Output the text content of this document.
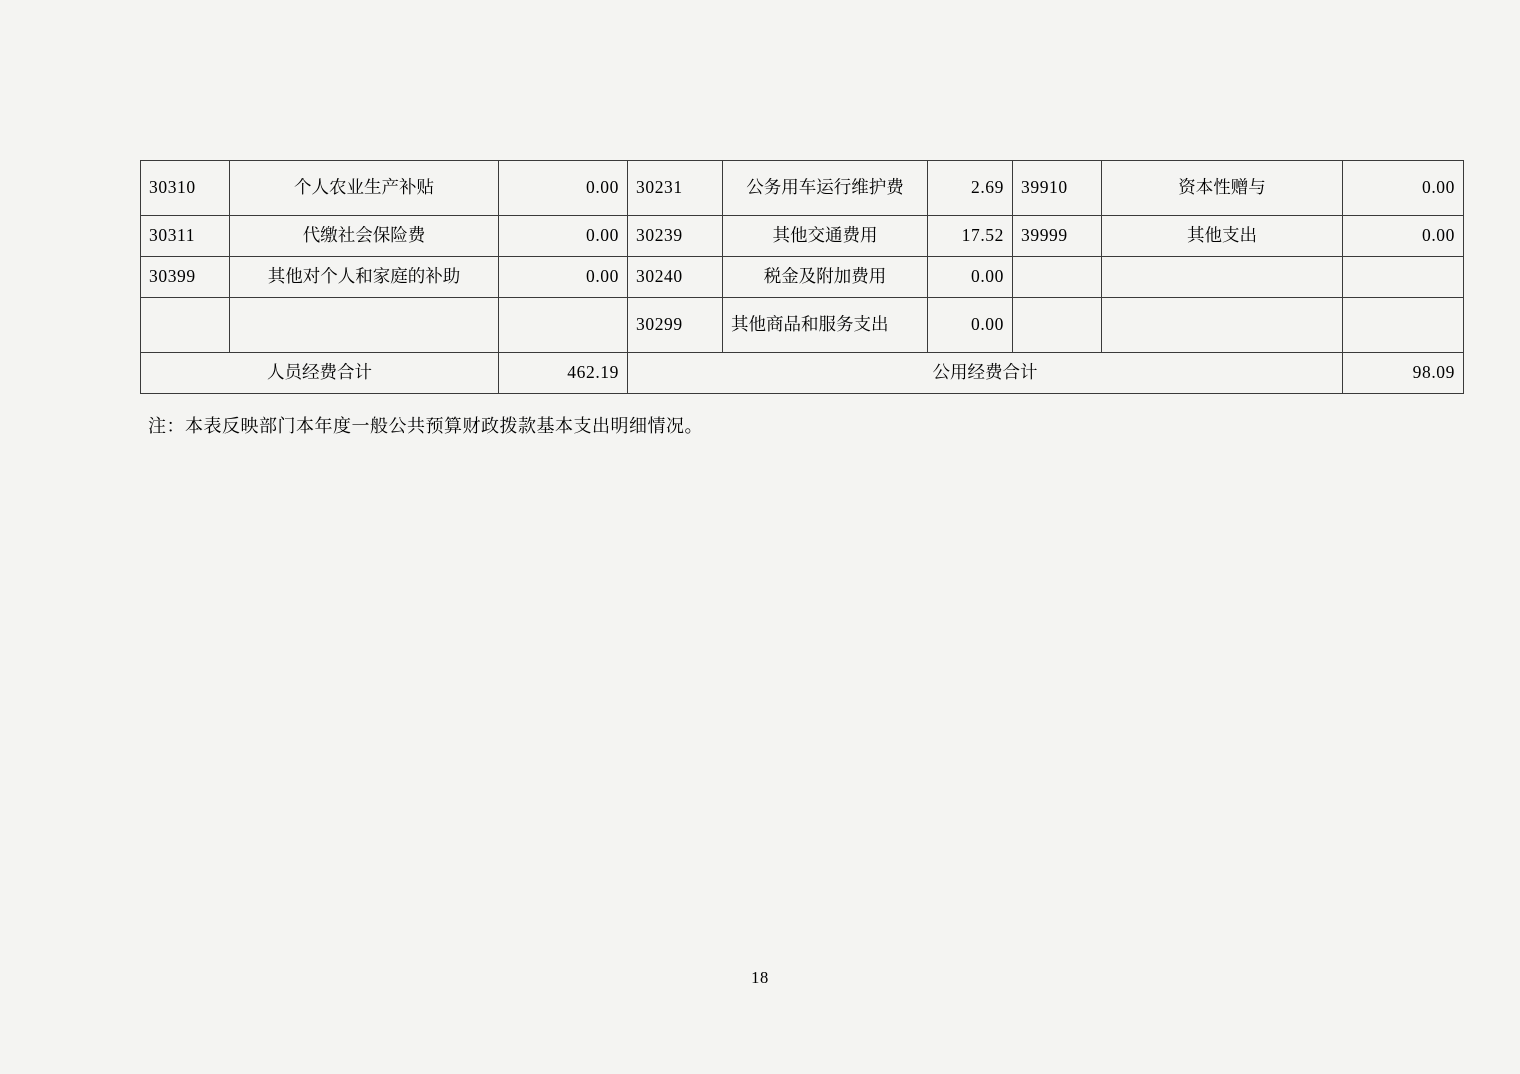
30310	个人农业生产补贴	0.00	30231	公务用车运行维护费	2.69	39910	资本性赠与	0.00
30311	代缴社会保险费	0.00	30239	其他交通费用	17.52	39999	其他支出	0.00
30399	其他对个人和家庭的补助	0.00	30240	税金及附加费用	0.00			
			30299	其他商品和服务支出	0.00			
人员经费合计		462.19	公用经费合计					98.09
注：本表反映部门本年度一般公共预算财政拨款基本支出明细情况。
18
